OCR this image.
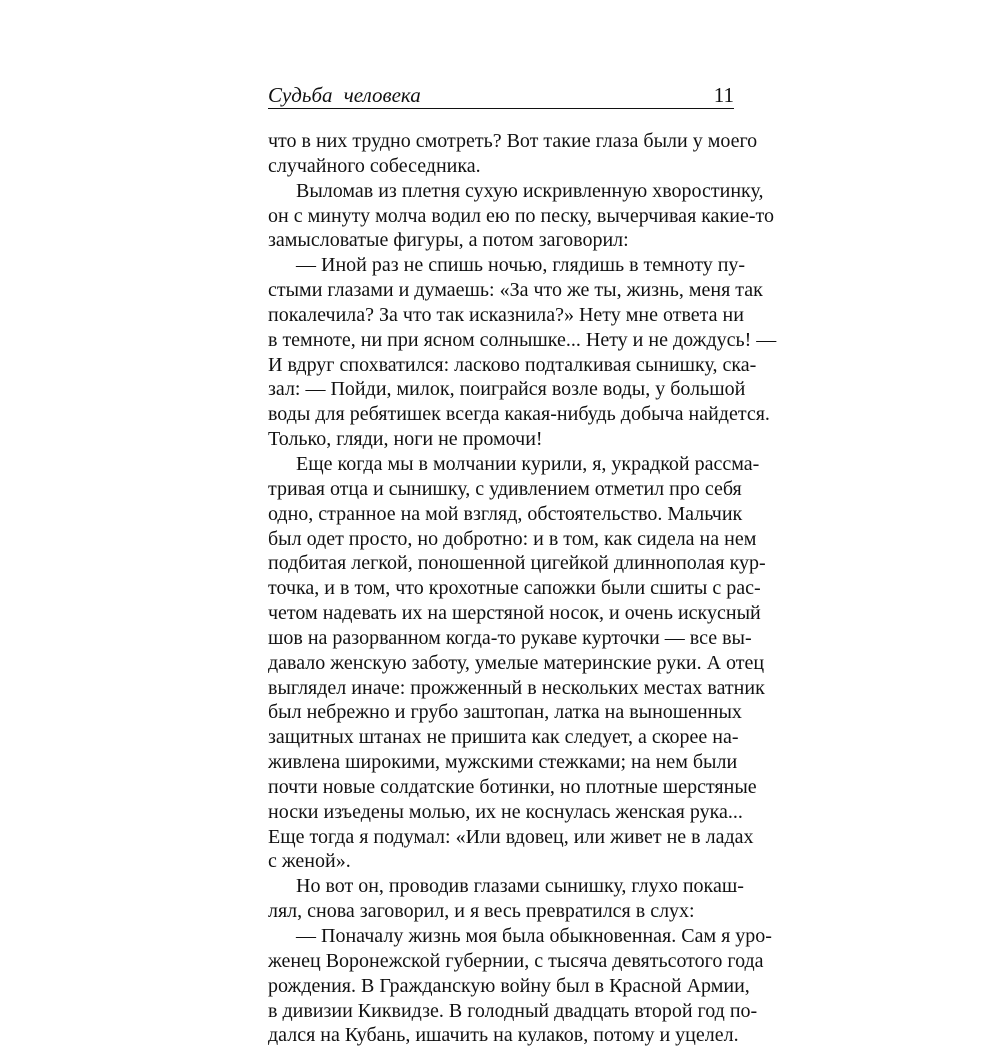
Судьба человека	11
что в них трудно смотреть? Вот такие глаза были у моего
случайного собеседника.
Выломав из плетня сухую искривленную хворостинку,
он с минуту молча водил ею по песку, вычерчивая какие-то
замысловатые фигуры, а потом заговорил:
— Иной раз не спишь ночью, глядишь в темноту пу-
стыми глазами и думаешь: «За что же ты, жизнь, меня так
покалечила? За что так исказнила?» Нету мне ответа ни
в темноте, ни при ясном солнышке... Нету и не дождусь! —
И вдруг спохватился: ласково подталкивая сынишку, ска-
зал: — Пойди, милок, поиграйся возле воды, у большой
воды для ребятишек всегда какая-нибудь добыча найдется.
Только, гляди, ноги не промочи!
Еще когда мы в молчании курили, я, украдкой рассма-
тривая отца и сынишку, с удивлением отметил про себя
одно, странное на мой взгляд, обстоятельство. Мальчик
был одет просто, но добротно: и в том, как сидела на нем
подбитая легкой, поношенной цигейкой длиннополая кур-
точка, и в том, что крохотные сапожки были сшиты с рас-
четом надевать их на шерстяной носок, и очень искусный
шов на разорванном когда-то рукаве курточки — все вы-
давало женскую заботу, умелые материнские руки. А отец
выглядел иначе: прожженный в нескольких местах ватник
был небрежно и грубо заштопан, латка на выношенных
защитных штанах не пришита как следует, а скорее на-
живлена широкими, мужскими стежками; на нем были
почти новые солдатские ботинки, но плотные шерстяные
носки изъедены молью, их не коснулась женская рука...
Еще тогда я подумал: «Или вдовец, или живет не в ладах
с женой».
Но вот он, проводив глазами сынишку, глухо покаш-
лял, снова заговорил, и я весь превратился в слух:
— Поначалу жизнь моя была обыкновенная. Сам я уро-
женец Воронежской губернии, с тысяча девятьсотого года
рождения. В Гражданскую войну был в Красной Армии,
в дивизии Киквидзе. В голодный двадцать второй год по-
дался на Кубань, ишачить на кулаков, потому и уцелел.
